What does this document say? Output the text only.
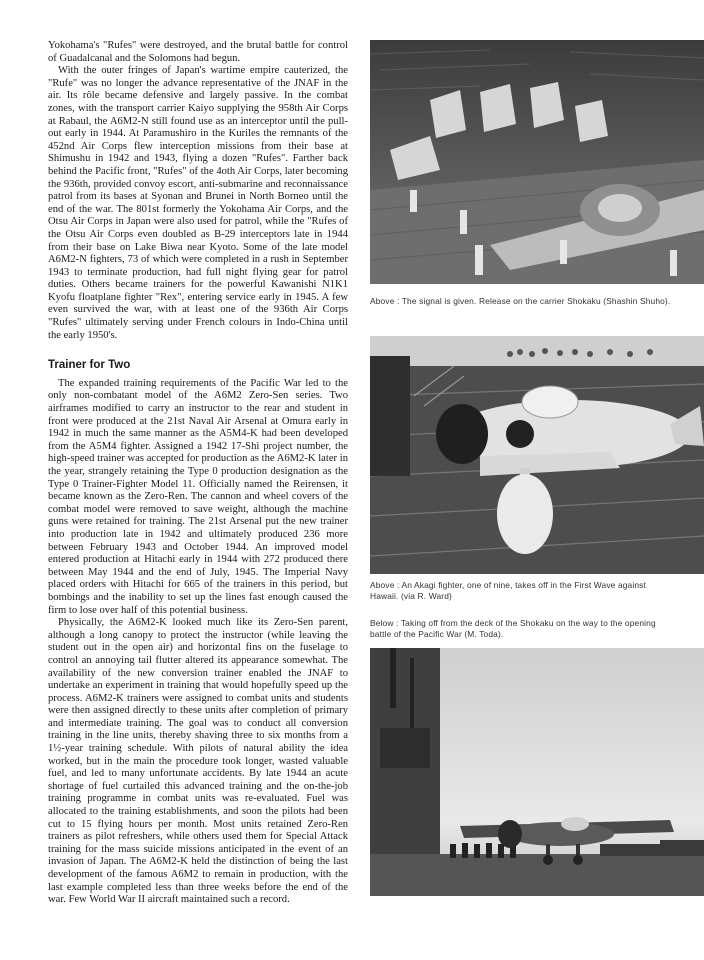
Yokohama's "Rufes" were destroyed, and the brutal battle for control of Guadalcanal and the Solomons had begun.

With the outer fringes of Japan's wartime empire cauterized, the "Rufe" was no longer the advance representative of the JNAF in the air. Its rôle became defensive and largely passive. In the combat zones, with the transport carrier Kaiyo supplying the 958th Air Corps at Rabaul, the A6M2-N still found use as an interceptor until the pull-out early in 1944. At Paramushiro in the Kuriles the remnants of the 452nd Air Corps flew interception missions from their base at Shimushu in 1942 and 1943, flying a dozen "Rufes". Farther back behind the Pacific front, "Rufes" of the 4oth Air Corps, later becoming the 936th, provided convoy escort, anti-submarine and reconnaissance patrol from its bases at Syonan and Brunei in North Borneo until the end of the war. The 801st formerly the Yokohama Air Corps, and the Otsu Air Corps in Japan were also used for patrol, while the "Rufes of the Otsu Air Corps even doubled as B-29 interceptors late in 1944 from their base on Lake Biwa near Kyoto. Some of the late model A6M2-N fighters, 73 of which were completed in a rush in September 1943 to terminate production, had full night flying gear for patrol duties. Others became trainers for the powerful Kawanishi N1K1 Kyofu floatplane fighter "Rex", entering service early in 1945. A few even survived the war, with at least one of the 936th Air Corps "Rufes" ultimately serving under French colours in Indo-China until the early 1950's.

Trainer for Two

The expanded training requirements of the Pacific War led to the only non-combatant model of the A6M2 Zero-Sen series. Two airframes modified to carry an instructor to the rear and student in front were produced at the 21st Naval Air Arsenal at Omura early in 1942 in much the same manner as the A5M4-K had been developed from the A5M4 fighter. Assigned a 1942 17-Shi project number, the high-speed trainer was accepted for production as the A6M2-K later in the year, strangely retaining the Type 0 production designation as the Type 0 Trainer-Fighter Model 11. Officially named the Reirensen, it became known as the Zero-Ren. The cannon and wheel covers of the combat model were removed to save weight, although the machine guns were retained for training. The 21st Arsenal put the new trainer into production late in 1942 and ultimately produced 236 more between February 1943 and October 1944. An improved model entered production at Hitachi early in 1944 with 272 produced there between May 1944 and the end of July, 1945. The Imperial Navy placed orders with Hitachi for 665 of the trainers in this period, but bombings and the inability to set up the lines fast enough caused the firm to lose over half of this potential business.

Physically, the A6M2-K looked much like its Zero-Sen parent, although a long canopy to protect the instructor (while leaving the student out in the open air) and horizontal fins on the fuselage to control an annoying tail flutter altered its appearance somewhat. The availability of the new conversion trainer enabled the JNAF to undertake an experiment in training that would hopefully speed up the process. A6M2-K trainers were assigned to combat units and students were then assigned directly to these units after completion of primary and intermediate training. The goal was to conduct all conversion training in the line units, thereby shaving three to six months from a 1½-year training schedule. With pilots of natural ability the idea worked, but in the main the procedure took longer, wasted valuable fuel, and led to many unfortunate accidents. By late 1944 an acute shortage of fuel curtailed this advanced training and the on-the-job training programme in combat units was re-evaluated. Fuel was allocated to the training establishments, and soon the pilots had been cut to 15 flying hours per month. Most units retained Zero-Ren trainers as pilot refreshers, while others used them for Special Attack training for the mass suicide missions anticipated in the event of an invasion of Japan. The A6M2-K held the distinction of being the last development of the famous A6M2 to remain in production, with the last example completed less than three weeks before the end of the war. Few World War II aircraft maintained such a record.

Above : The signal is given. Release on the carrier Shokaku (Shashin Shuho).
Above : An Akagi fighter, one of nine, takes off in the First Wave against Hawaii. (via R. Ward)
Below : Taking off from the deck of the Shokaku on the way to the opening battle of the Pacific War (M. Toda).
